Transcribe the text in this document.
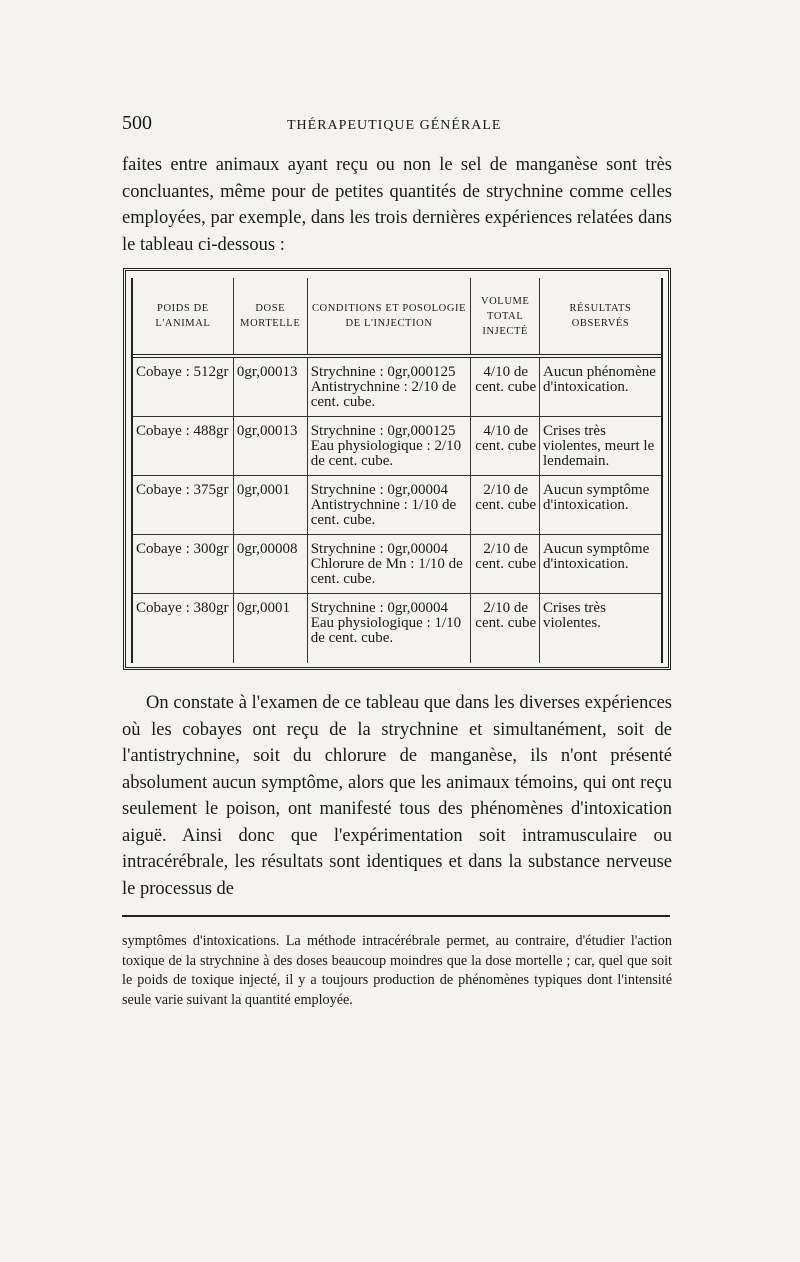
500	THÉRAPEUTIQUE GÉNÉRALE

faites entre animaux ayant reçu ou non le sel de manganèse sont très concluantes, même pour de petites quantités de strychnine comme celles employées, par exemple, dans les trois dernières expériences relatées dans le tableau ci-dessous :

POIDS DE L'ANIMAL	DOSE MORTELLE	CONDITIONS ET POSOLOGIE DE L'INJECTION	VOLUME TOTAL INJECTÉ	RÉSULTATS OBSERVÉS
Cobaye : 512gr	0gr,00013	Strychnine : 0gr,000125 Antistrychnine : 2/10 de cent. cube.	4/10 de cent. cube	Aucun phénomène d'intoxication.
Cobaye : 488gr	0gr,00013	Strychnine : 0gr,000125 Eau physiologique : 2/10 de cent. cube.	4/10 de cent. cube	Crises très violentes, meurt le lendemain.
Cobaye : 375gr	0gr,0001	Strychnine : 0gr,00004 Antistrychnine : 1/10 de cent. cube.	2/10 de cent. cube	Aucun symptôme d'intoxication.
Cobaye : 300gr	0gr,00008	Strychnine : 0gr,00004 Chlorure de Mn : 1/10 de cent. cube.	2/10 de cent. cube	Aucun symptôme d'intoxication.
Cobaye : 380gr	0gr,0001	Strychnine : 0gr,00004 Eau physiologique : 1/10 de cent. cube.	2/10 de cent. cube	Crises très violentes.

On constate à l'examen de ce tableau que dans les diverses expériences où les cobayes ont reçu de la strychnine et simultanément, soit de l'antistrychnine, soit du chlorure de manganèse, ils n'ont présenté absolument aucun symptôme, alors que les animaux témoins, qui ont reçu seulement le poison, ont manifesté tous des phénomènes d'intoxication aiguë. Ainsi donc que l'expérimentation soit intramusculaire ou intracérébrale, les résultats sont identiques et dans la substance nerveuse le processus de

symptômes d'intoxications. La méthode intracérébrale permet, au contraire, d'étudier l'action toxique de la strychnine à des doses beaucoup moindres que la dose mortelle ; car, quel que soit le poids de toxique injecté, il y a toujours production de phénomènes typiques dont l'intensité seule varie suivant la quantité employée.
